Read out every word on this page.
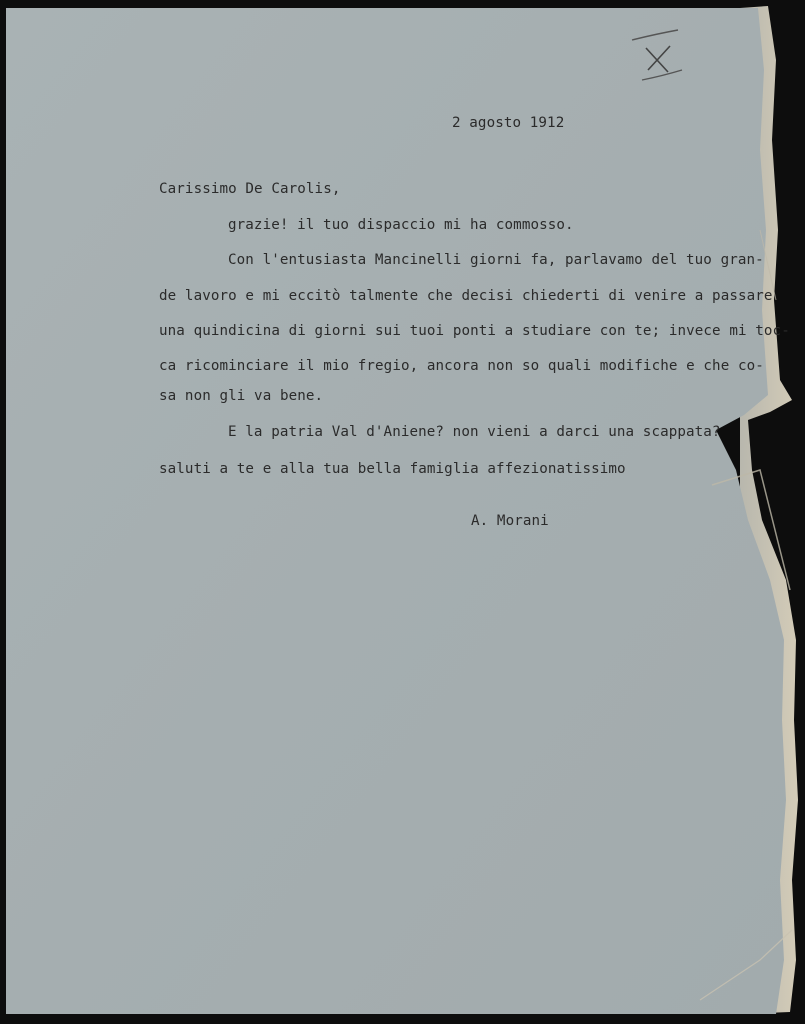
2 agosto 1912
Carissimo De Carolis,
grazie! il tuo dispaccio mi ha commosso.
Con l'entusiasta Mancinelli giorni fa, parlavamo del tuo gran-
de lavoro e mi eccitò talmente che decisi chiederti di venire a passare
una quindicina di giorni sui tuoi ponti a studiare con te; invece mi toc-
ca ricominciare il mio fregio, ancora non so quali modifiche e che co-
sa non gli va bene.
E la patria Val d'Aniene? non vieni a darci una scappata?
saluti a te e alla tua bella famiglia affezionatissimo
A. Morani
